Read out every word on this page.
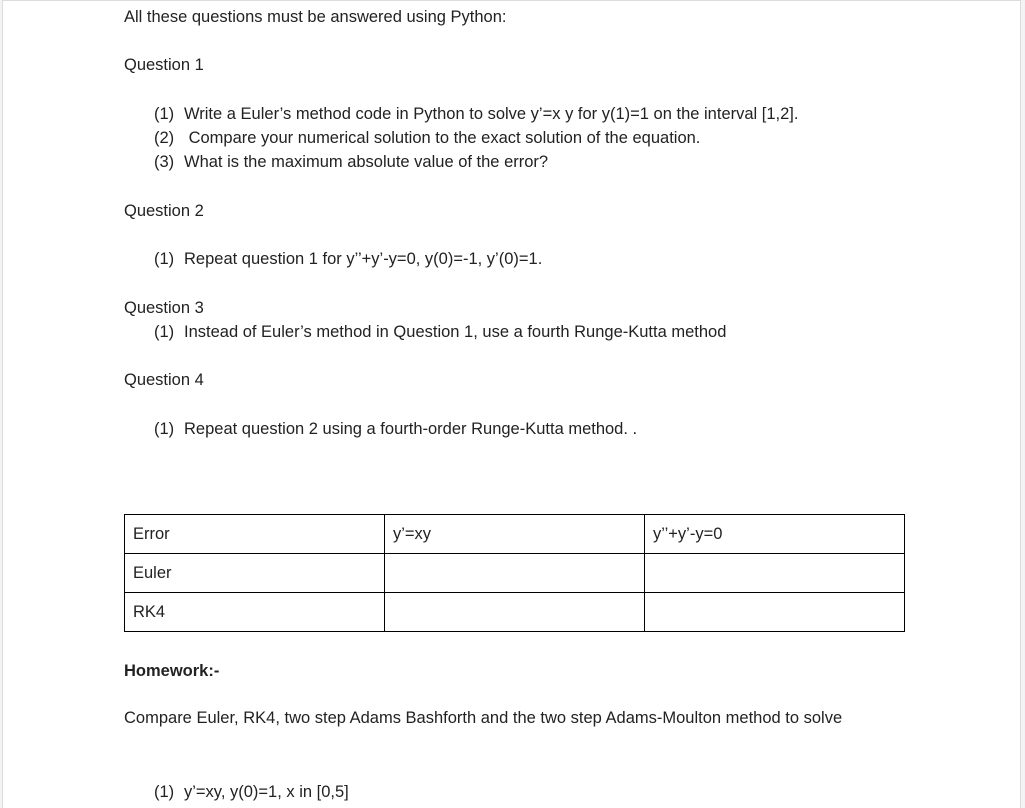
All these questions must be answered using Python:
Question 1
(1) Write a Euler’s method code in Python to solve y’=x y for y(1)=1 on the interval [1,2].
(2) Compare your numerical solution to the exact solution of the equation.
(3) What is the maximum absolute value of the error?
Question 2
(1) Repeat question 1 for y’’+y’-y=0, y(0)=-1, y’(0)=1.
Question 3
(1) Instead of Euler’s method in Question 1, use a fourth Runge-Kutta method
Question 4
(1) Repeat question 2 using a fourth-order Runge-Kutta method. .
Error	y’=xy	y’’+y’-y=0
Euler		
RK4		
Homework:-
Compare Euler, RK4, two step Adams Bashforth and the two step Adams-Moulton method to solve
(1) y’=xy, y(0)=1, x in [0,5]
